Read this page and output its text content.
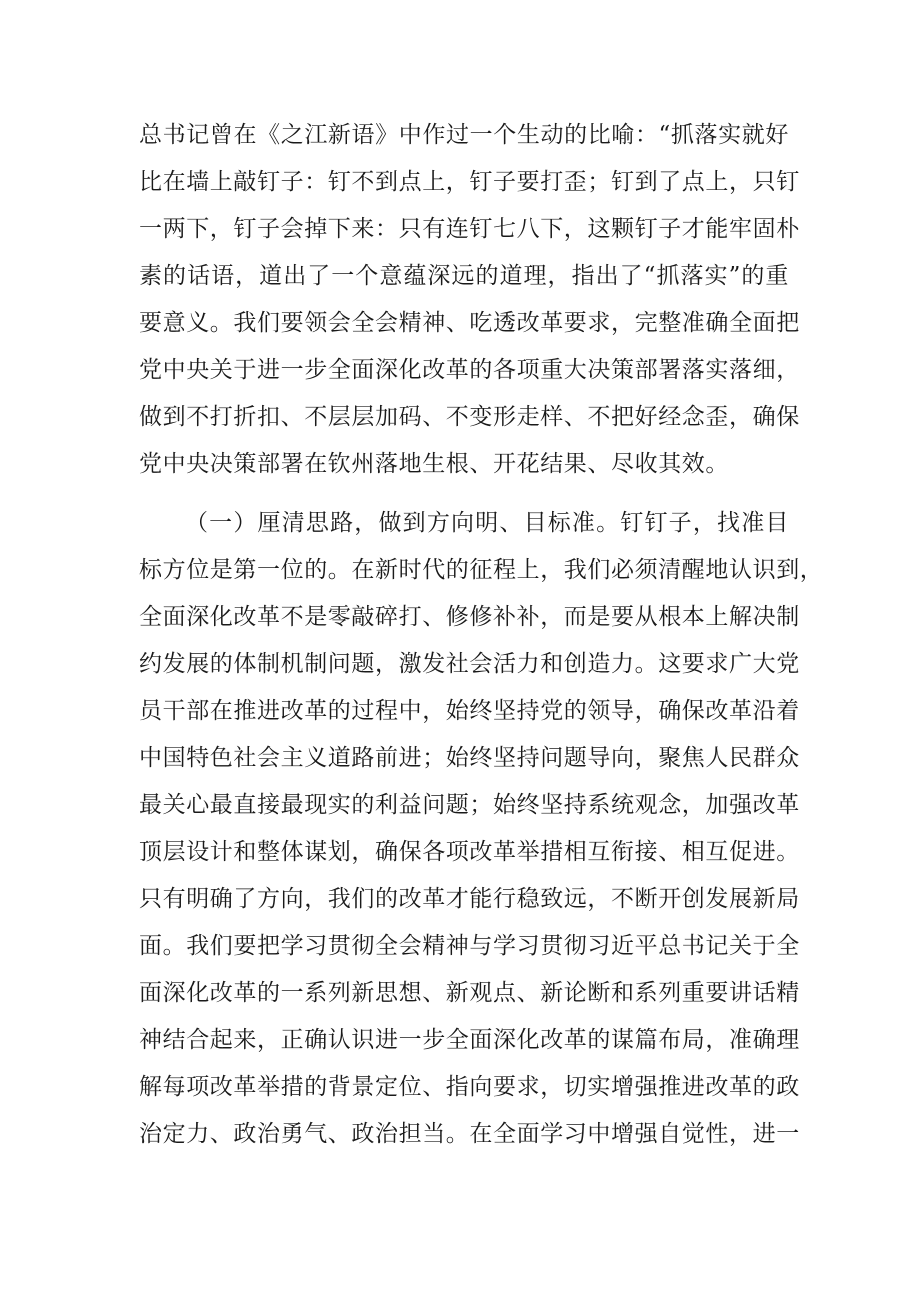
总书记曾在《之江新语》中作过一个生动的比喻：“抓落实就好
比在墙上敲钉子：钉不到点上，钉子要打歪；钉到了点上，只钉
一两下，钉子会掉下来：只有连钉七八下，这颗钉子才能牢固朴
素的话语，道出了一个意蕴深远的道理，指出了“抓落实”的重
要意义。我们要领会全会精神、吃透改革要求，完整准确全面把
党中央关于进一步全面深化改革的各项重大决策部署落实落细，
做到不打折扣、不层层加码、不变形走样、不把好经念歪，确保
党中央决策部署在钦州落地生根、开花结果、尽收其效。
（一）厘清思路，做到方向明、目标准。钉钉子，找准目
标方位是第一位的。在新时代的征程上，我们必须清醒地认识到，
全面深化改革不是零敲碎打、修修补补，而是要从根本上解决制
约发展的体制机制问题，激发社会活力和创造力。这要求广大党
员干部在推进改革的过程中，始终坚持党的领导，确保改革沿着
中国特色社会主义道路前进；始终坚持问题导向，聚焦人民群众
最关心最直接最现实的利益问题；始终坚持系统观念，加强改革
顶层设计和整体谋划，确保各项改革举措相互衔接、相互促进。
只有明确了方向，我们的改革才能行稳致远，不断开创发展新局
面。我们要把学习贯彻全会精神与学习贯彻习近平总书记关于全
面深化改革的一系列新思想、新观点、新论断和系列重要讲话精
神结合起来，正确认识进一步全面深化改革的谋篇布局，准确理
解每项改革举措的背景定位、指向要求，切实增强推进改革的政
治定力、政治勇气、政治担当。在全面学习中增强自觉性，进一
